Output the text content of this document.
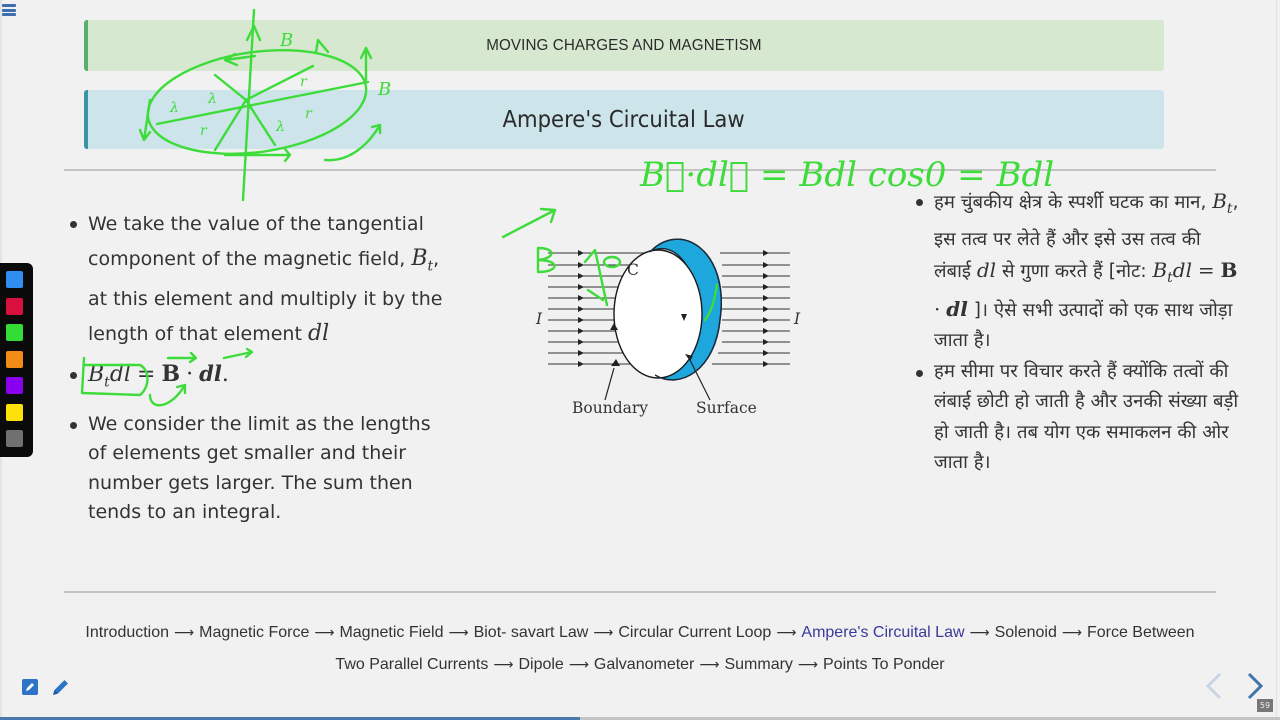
MOVING CHARGES AND MAGNETISM
Ampere's Circuital Law
We take the value of the tangential component of the magnetic field, $B_t$, at this element and multiply it by the length of that element dl
$B_tdl = B$ · dl.
We consider the limit as the lengths of elements get smaller and their number gets larger. The sum then tends to an integral.
I	I
C
Boundary	Surface
हम चुंबकीय क्षेत्र के स्पर्शी घटक का मान, $B_t$, इस तत्व पर लेते हैं और इसे उस तत्व की लंबाई dl से गुणा करते हैं [नोट: $B_tdl = B$ · dl ]। ऐसे सभी उत्पादों को एक साथ जोड़ा जाता है।
हम सीमा पर विचार करते हैं क्योंकि तत्वों की लंबाई छोटी हो जाती है और उनकी संख्या बड़ी हो जाती है। तब योग एक समाकलन की ओर जाता है।
B
B
λ
λ
r
r
r
λ
B⃗·dl⃗ = Bdl cos0 = Bdl
Introduction ⟶ Magnetic Force ⟶ Magnetic Field ⟶ Biot- savart Law ⟶ Circular Current Loop ⟶ Ampere's Circuital Law ⟶ Solenoid ⟶ Force Between
Two Parallel Currents ⟶ Dipole ⟶ Galvanometer ⟶ Summary ⟶ Points To Ponder
59
